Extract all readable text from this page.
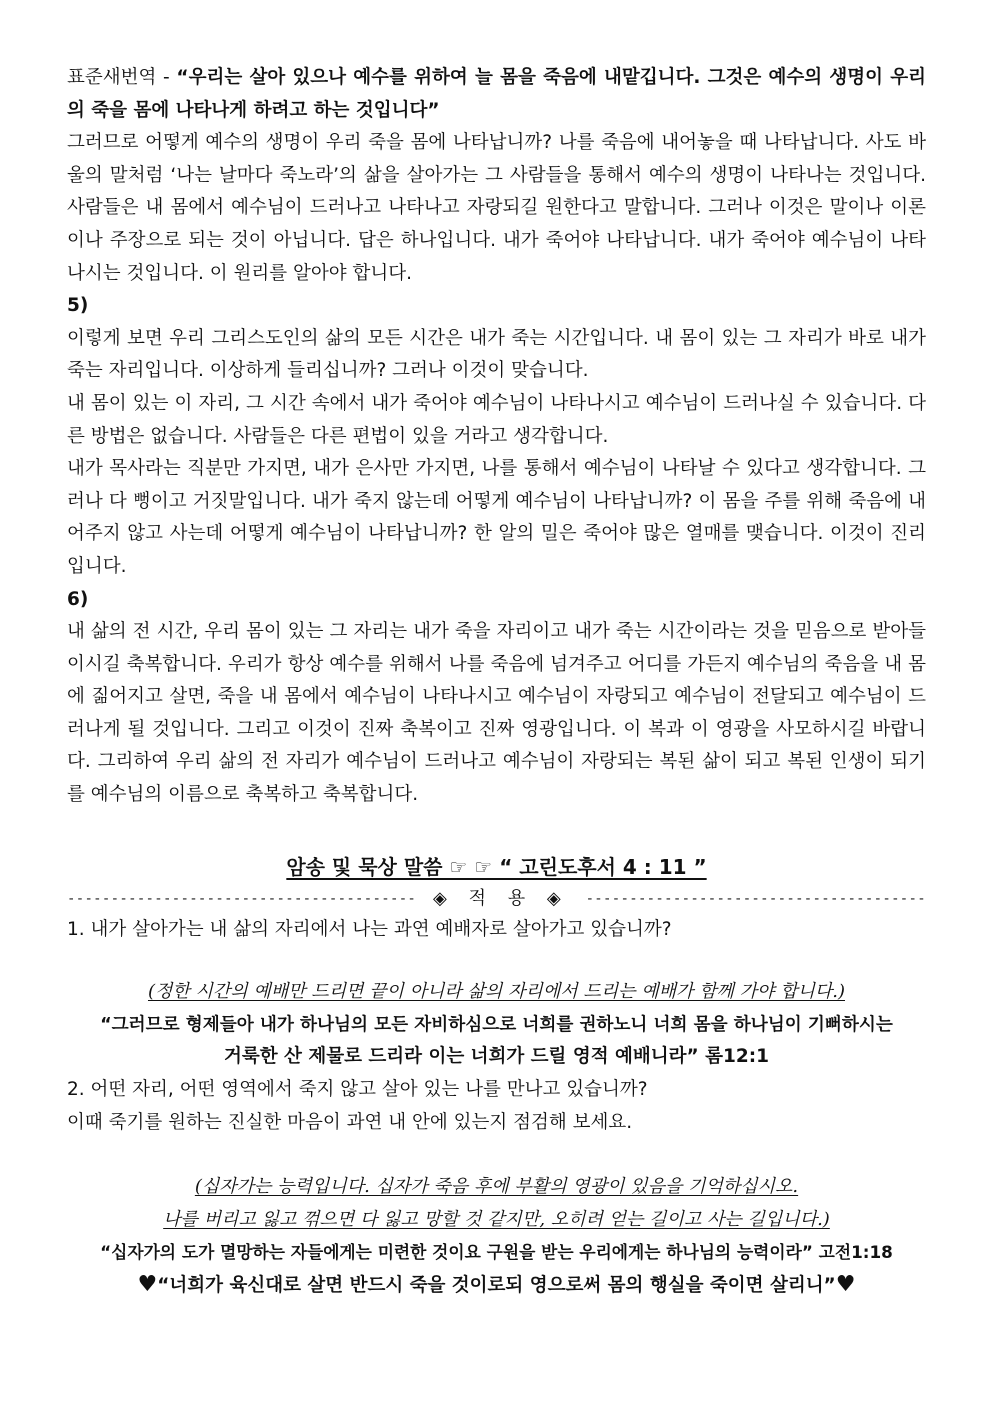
표준새번역 - “우리는 살아 있으나 예수를 위하여 늘 몸을 죽음에 내맡깁니다. 그것은 예수의 생명이 우리의 죽을 몸에 나타나게 하려고 하는 것입니다”

그러므로 어떻게 예수의 생명이 우리 죽을 몸에 나타납니까? 나를 죽음에 내어놓을 때 나타납니다. 사도 바울의 말처럼 ‘나는 날마다 죽노라’의 삶을 살아가는 그 사람들을 통해서 예수의 생명이 나타나는 것입니다. 사람들은 내 몸에서 예수님이 드러나고 나타나고 자랑되길 원한다고 말합니다. 그러나 이것은 말이나 이론이나 주장으로 되는 것이 아닙니다. 답은 하나입니다. 내가 죽어야 나타납니다. 내가 죽어야 예수님이 나타나시는 것입니다. 이 원리를 알아야 합니다.

5)

이렇게 보면 우리 그리스도인의 삶의 모든 시간은 내가 죽는 시간입니다. 내 몸이 있는 그 자리가 바로 내가 죽는 자리입니다. 이상하게 들리십니까? 그러나 이것이 맞습니다.

내 몸이 있는 이 자리, 그 시간 속에서 내가 죽어야 예수님이 나타나시고 예수님이 드러나실 수 있습니다. 다른 방법은 없습니다. 사람들은 다른 편법이 있을 거라고 생각합니다.

내가 목사라는 직분만 가지면, 내가 은사만 가지면, 나를 통해서 예수님이 나타날 수 있다고 생각합니다. 그러나 다 뻥이고 거짓말입니다. 내가 죽지 않는데 어떻게 예수님이 나타납니까? 이 몸을 주를 위해 죽음에 내어주지 않고 사는데 어떻게 예수님이 나타납니까? 한 알의 밀은 죽어야 많은 열매를 맺습니다. 이것이 진리입니다.

6)

내 삶의 전 시간, 우리 몸이 있는 그 자리는 내가 죽을 자리이고 내가 죽는 시간이라는 것을 믿음으로 받아들이시길 축복합니다. 우리가 항상 예수를 위해서 나를 죽음에 넘겨주고 어디를 가든지 예수님의 죽음을 내 몸에 짊어지고 살면, 죽을 내 몸에서 예수님이 나타나시고 예수님이 자랑되고 예수님이 전달되고 예수님이 드러나게 될 것입니다. 그리고 이것이 진짜 축복이고 진짜 영광입니다. 이 복과 이 영광을 사모하시길 바랍니다. 그리하여 우리 삶의 전 자리가 예수님이 드러나고 예수님이 자랑되는 복된 삶이 되고 복된 인생이 되기를 예수님의 이름으로 축복하고 축복합니다.

암송 및 묵상 말씀 ☞ ☞ “ 고린도후서 4 : 11 ”
---------------------------------------- ◈ 적 용 ◈ ---------------------------------------

1. 내가 살아가는 내 삶의 자리에서 나는 과연 예배자로 살아가고 있습니까?

(정한 시간의 예배만 드리면 끝이 아니라 삶의 자리에서 드리는 예배가 함께 가야 합니다.)

“그러므로 형제들아 내가 하나님의 모든 자비하심으로 너희를 권하노니 너희 몸을 하나님이 기뻐하시는

거룩한 산 제물로 드리라 이는 너희가 드릴 영적 예배니라” 롬12:1

2. 어떤 자리, 어떤 영역에서 죽지 않고 살아 있는 나를 만나고 있습니까?

이때 죽기를 원하는 진실한 마음이 과연 내 안에 있는지 점검해 보세요.

(십자가는 능력입니다. 십자가 죽음 후에 부활의 영광이 있음을 기억하십시오.

나를 버리고 잃고 꺾으면 다 잃고 망할 것 같지만, 오히려 얻는 길이고 사는 길입니다.)

“십자가의 도가 멸망하는 자들에게는 미련한 것이요 구원을 받는 우리에게는 하나님의 능력이라” 고전1:18

♥“너희가 육신대로 살면 반드시 죽을 것이로되 영으로써 몸의 행실을 죽이면 살리니”♥
